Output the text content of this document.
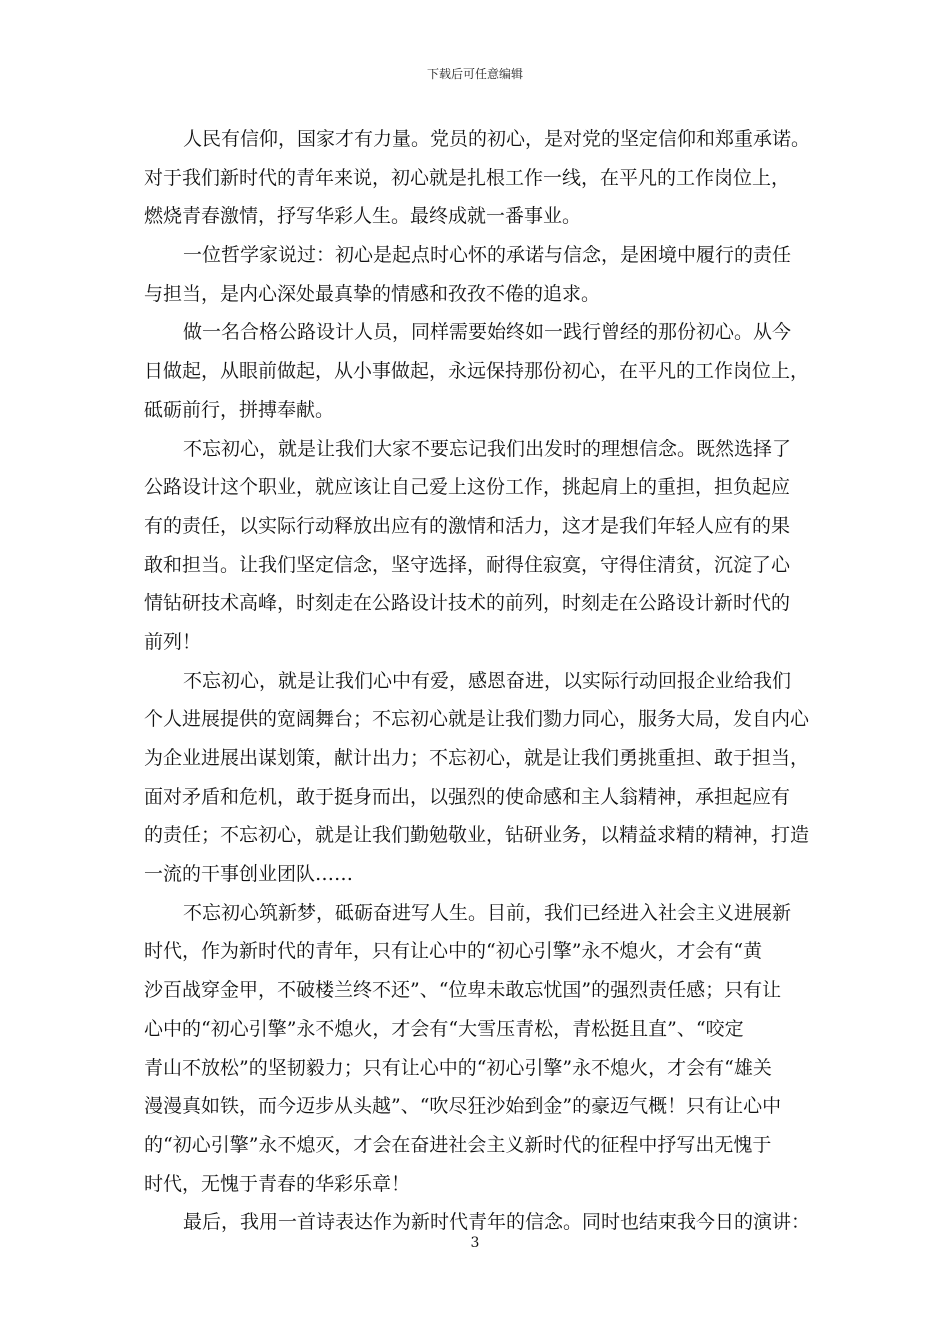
下载后可任意编辑
人民有信仰，国家才有力量。党员的初心，是对党的坚定信仰和郑重承诺。
对于我们新时代的青年来说，初心就是扎根工作一线，在平凡的工作岗位上，
燃烧青春激情，抒写华彩人生。最终成就一番事业。
一位哲学家说过：初心是起点时心怀的承诺与信念，是困境中履行的责任
与担当，是内心深处最真挚的情感和孜孜不倦的追求。
做一名合格公路设计人员，同样需要始终如一践行曾经的那份初心。从今
日做起，从眼前做起，从小事做起，永远保持那份初心，在平凡的工作岗位上，
砥砺前行，拼搏奉献。
不忘初心，就是让我们大家不要忘记我们出发时的理想信念。既然选择了
公路设计这个职业，就应该让自己爱上这份工作，挑起肩上的重担，担负起应
有的责任，以实际行动释放出应有的激情和活力，这才是我们年轻人应有的果
敢和担当。让我们坚定信念，坚守选择，耐得住寂寞，守得住清贫，沉淀了心
情钻研技术高峰，时刻走在公路设计技术的前列，时刻走在公路设计新时代的
前列！
不忘初心，就是让我们心中有爱，感恩奋进，以实际行动回报企业给我们
个人进展提供的宽阔舞台；不忘初心就是让我们勠力同心，服务大局，发自内心
为企业进展出谋划策，献计出力；不忘初心，就是让我们勇挑重担、敢于担当，
面对矛盾和危机，敢于挺身而出，以强烈的使命感和主人翁精神，承担起应有
的责任；不忘初心，就是让我们勤勉敬业，钻研业务，以精益求精的精神，打造
一流的干事创业团队……
不忘初心筑新梦，砥砺奋进写人生。目前，我们已经进入社会主义进展新
时代，作为新时代的青年，只有让心中的“初心引擎”永不熄火，才会有“黄
沙百战穿金甲，不破楼兰终不还”、“位卑未敢忘忧国”的强烈责任感；只有让
心中的“初心引擎”永不熄火，才会有“大雪压青松，青松挺且直”、“咬定
青山不放松”的坚韧毅力；只有让心中的“初心引擎”永不熄火，才会有“雄关
漫漫真如铁，而今迈步从头越”、“吹尽狂沙始到金”的豪迈气概！只有让心中
的“初心引擎”永不熄灭，才会在奋进社会主义新时代的征程中抒写出无愧于
时代，无愧于青春的华彩乐章！
最后，我用一首诗表达作为新时代青年的信念。同时也结束我今日的演讲：
3
